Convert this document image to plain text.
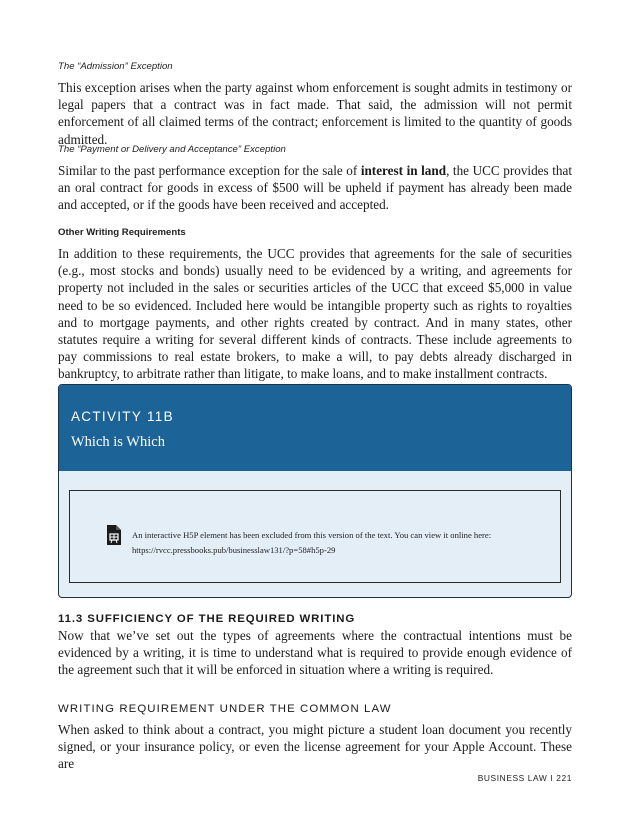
The “Admission” Exception

This exception arises when the party against whom enforcement is sought admits in testimony or legal papers that a contract was in fact made. That said, the admission will not permit enforcement of all claimed terms of the contract; enforcement is limited to the quantity of goods admitted.

The “Payment or Delivery and Acceptance” Exception

Similar to the past performance exception for the sale of interest in land, the UCC provides that an oral contract for goods in excess of $500 will be upheld if payment has already been made and accepted, or if the goods have been received and accepted.

Other Writing Requirements

In addition to these requirements, the UCC provides that agreements for the sale of securities (e.g., most stocks and bonds) usually need to be evidenced by a writing, and agreements for property not included in the sales or securities articles of the UCC that exceed $5,000 in value need to be so evidenced. Included here would be intangible property such as rights to royalties and to mortgage payments, and other rights created by contract. And in many states, other statutes require a writing for several different kinds of contracts. These include agreements to pay commissions to real estate brokers, to make a will, to pay debts already discharged in bankruptcy, to arbitrate rather than litigate, to make loans, and to make installment contracts.

ACTIVITY 11B
Which is Which
An interactive H5P element has been excluded from this version of the text. You can view it online here:
https://rvcc.pressbooks.pub/businesslaw131/?p=58#h5p-29
11.3 SUFFICIENCY OF THE REQUIRED WRITING

Now that we’ve set out the types of agreements where the contractual intentions must be evidenced by a writing, it is time to understand what is required to provide enough evidence of the agreement such that it will be enforced in situation where a writing is required.

WRITING REQUIREMENT UNDER THE COMMON LAW

When asked to think about a contract, you might picture a student loan document you recently signed, or your insurance policy, or even the license agreement for your Apple Account. These are

BUSINESS LAW I 221
